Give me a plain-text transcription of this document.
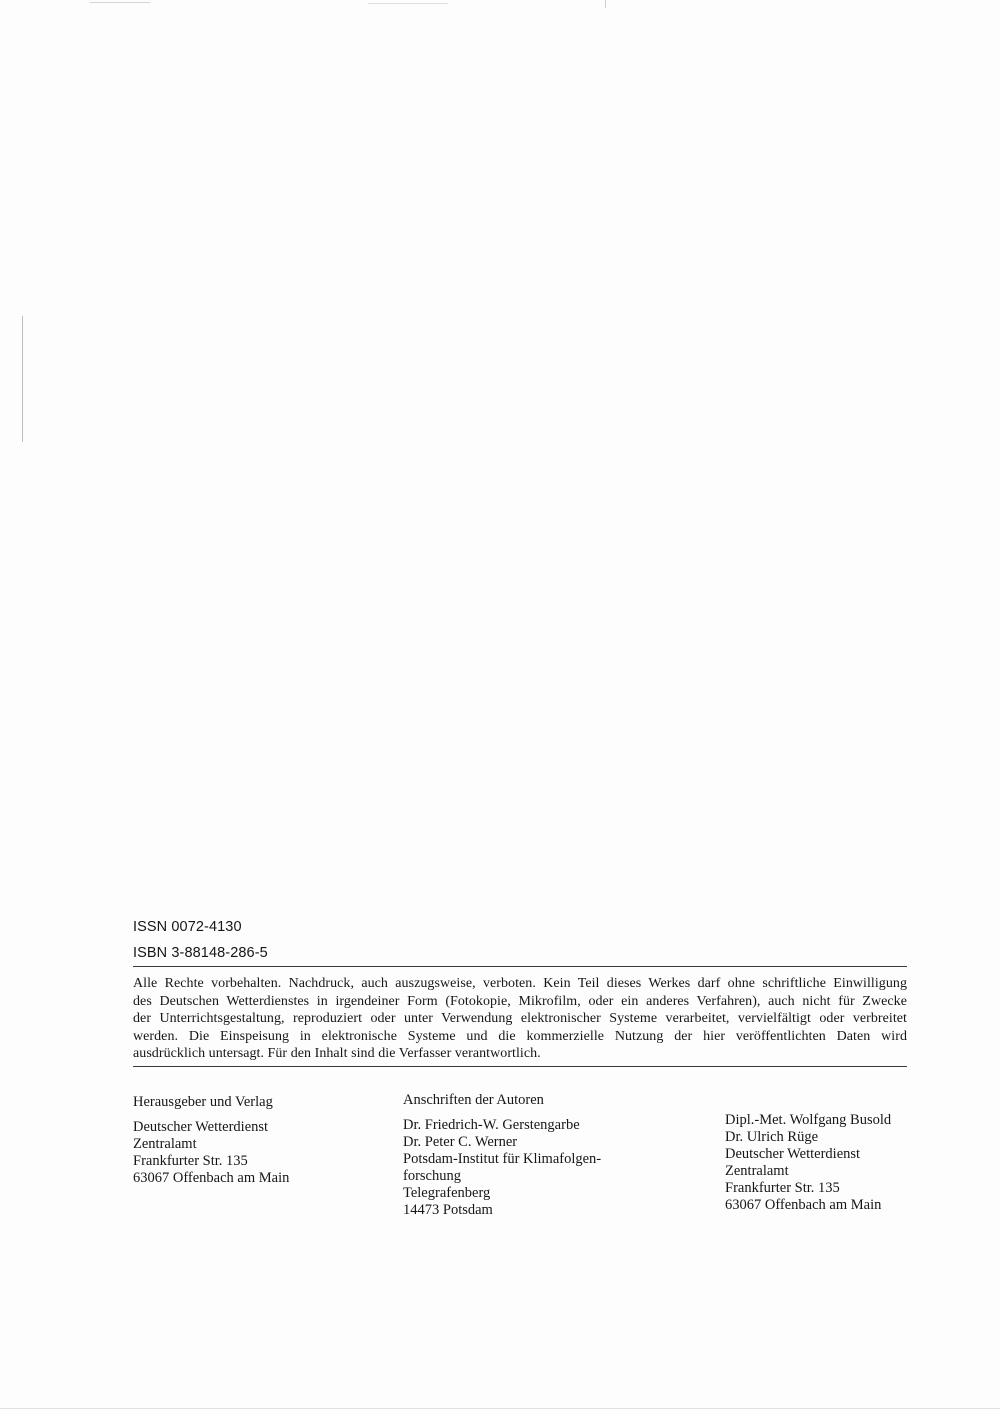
ISSN 0072-4130
ISBN 3-88148-286-5
Alle Rechte vorbehalten. Nachdruck, auch auszugsweise, verboten. Kein Teil dieses Werkes darf ohne schriftliche Einwilligung
des Deutschen Wetterdienstes in irgendeiner Form (Fotokopie, Mikrofilm, oder ein anderes Verfahren), auch nicht für Zwecke
der Unterrichtsgestaltung, reproduziert oder unter Verwendung elektronischer Systeme verarbeitet, vervielfältigt oder verbreitet
werden. Die Einspeisung in elektronische Systeme und die kommerzielle Nutzung der hier veröffentlichten Daten wird
ausdrücklich untersagt. Für den Inhalt sind die Verfasser verantwortlich.
Herausgeber und Verlag
Deutscher Wetterdienst
Zentralamt
Frankfurter Str. 135
63067 Offenbach am Main
Anschriften der Autoren
Dr. Friedrich-W. Gerstengarbe
Dr. Peter C. Werner
Potsdam-Institut für Klimafolgen-
forschung
Telegrafenberg
14473 Potsdam
Dipl.-Met. Wolfgang Busold
Dr. Ulrich Rüge
Deutscher Wetterdienst
Zentralamt
Frankfurter Str. 135
63067 Offenbach am Main
